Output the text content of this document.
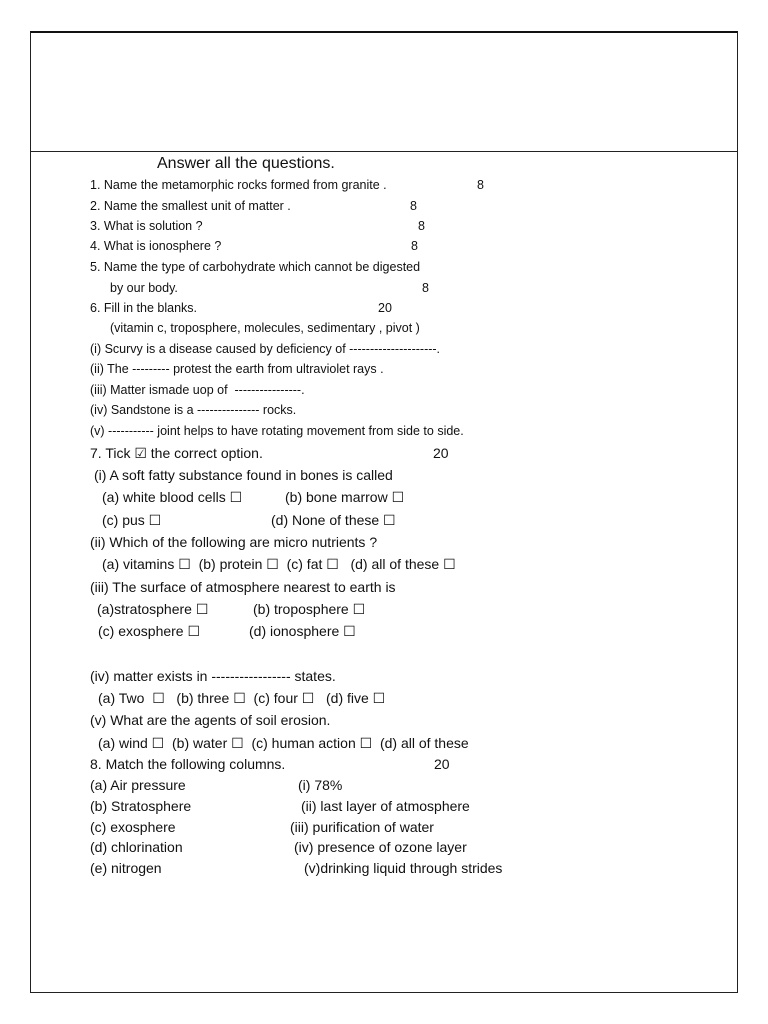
Answer all the questions.
1. Name the metamorphic rocks formed from granite .	8
2. Name the smallest unit of matter .	8
3. What is solution ?	8
4. What is ionosphere ?	8
5. Name the type of carbohydrate which cannot be digested
by our body.	8
6. Fill in the blanks.	20
(vitamin c, troposphere, molecules, sedimentary , pivot )
(i) Scurvy is a disease caused by deficiency of ---------------------.
(ii) The --------- protest the earth from ultraviolet rays .
(iii) Matter ismade uop of  ----------------.
(iv) Sandstone is a --------------- rocks.
(v) ----------- joint helps to have rotating movement from side to side.
7. Tick ☑ the correct option.	20
(i) A soft fatty substance found in bones is called
(a) white blood cells ☐	(b) bone marrow ☐
(c) pus ☐	(d) None of these ☐
(ii) Which of the following are micro nutrients ?
(a) vitamins ☐  (b) protein ☐  (c) fat ☐   (d) all of these ☐
(iii) The surface of atmosphere nearest to earth is
(a)stratosphere ☐	(b) troposphere ☐
(c) exosphere ☐	(d) ionosphere ☐
(iv) matter exists in ----------------- states.
(a) Two  ☐   (b) three ☐  (c) four ☐   (d) five ☐
(v) What are the agents of soil erosion.
(a) wind ☐  (b) water ☐  (c) human action ☐  (d) all of these
8. Match the following columns.	20
(a) Air pressure	(i) 78%
(b) Stratosphere	(ii) last layer of atmosphere
(c) exosphere	(iii) purification of water
(d) chlorination	(iv) presence of ozone layer
(e) nitrogen	(v)drinking liquid through strides
